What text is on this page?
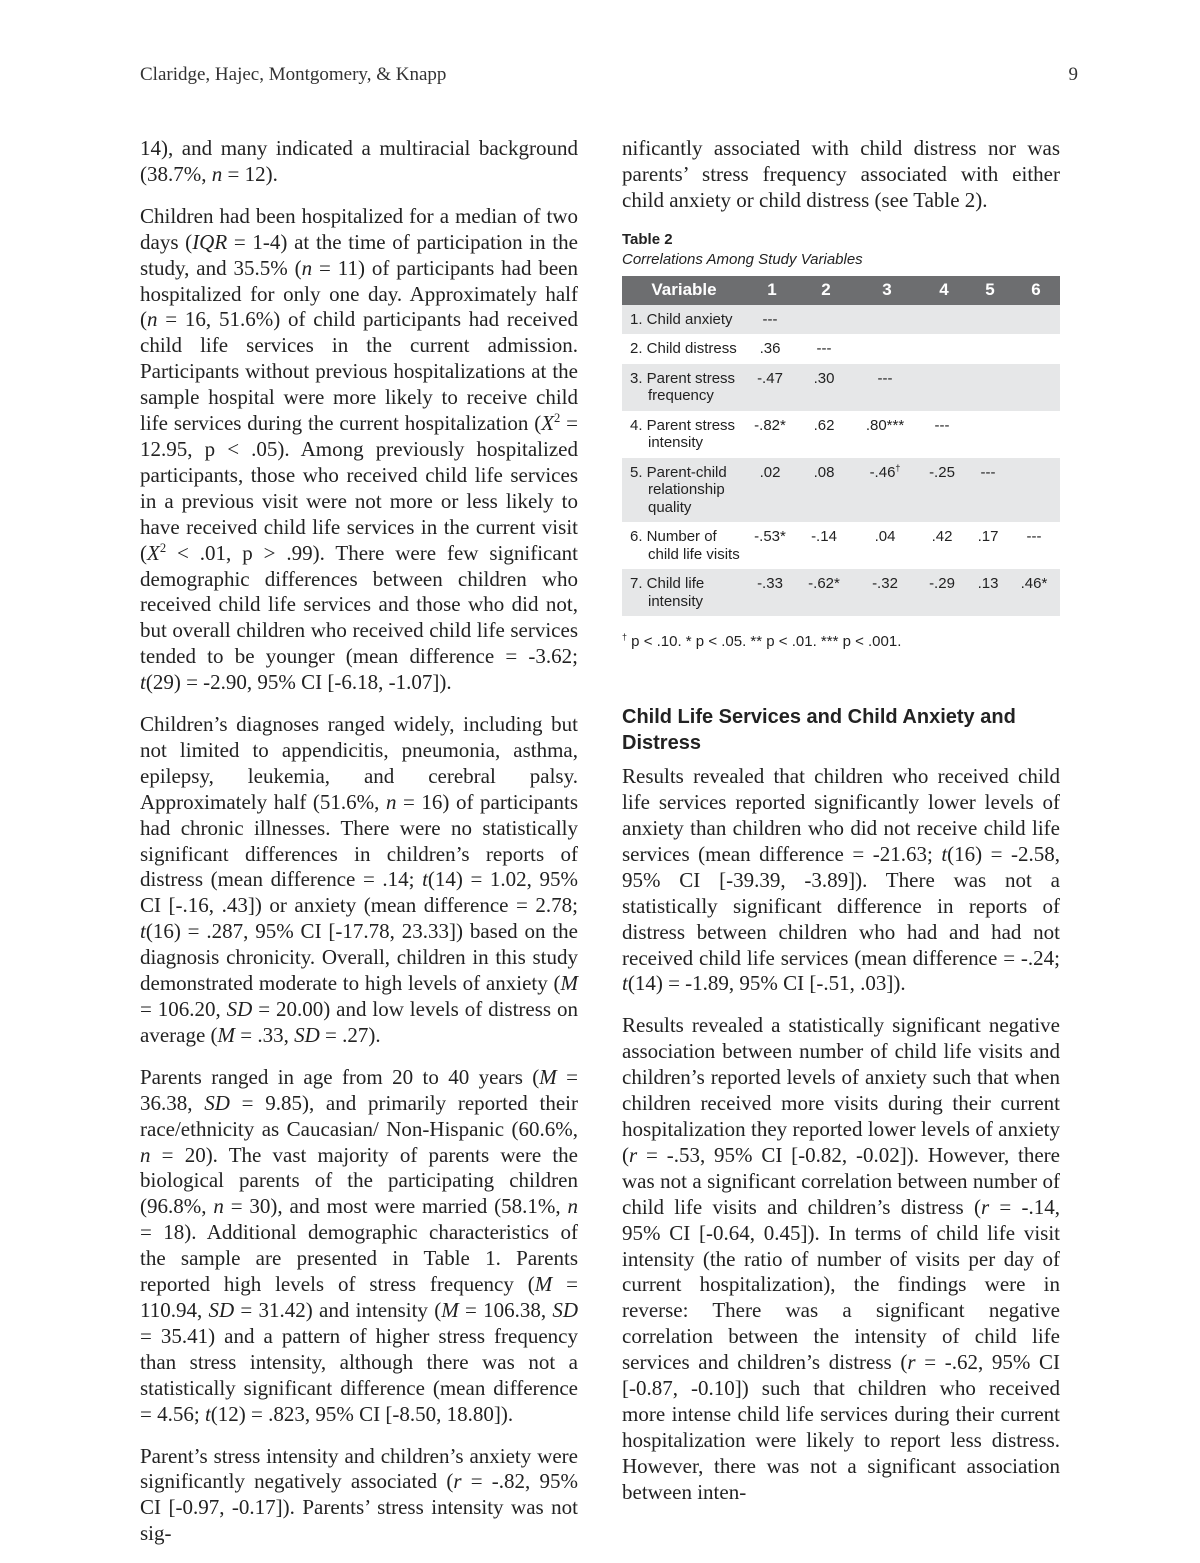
Claridge, Hajec, Montgomery, & Knapp	9

14), and many indicated a multiracial background (38.7%, n = 12).

Children had been hospitalized for a median of two days (IQR = 1-4) at the time of participation in the study, and 35.5% (n = 11) of participants had been hospitalized for only one day. Approximately half (n = 16, 51.6%) of child participants had received child life services in the current admission. Participants without previous hospitalizations at the sample hospital were more likely to receive child life services during the current hospitalization ($X^2 = 12.95$, p < .05). Among previously hospitalized participants, those who received child life services in a previous visit were not more or less likely to have received child life services in the current visit ($X^2 < .01$, p > .99). There were few significant demographic differences between children who received child life services and those who did not, but overall children who received child life services tended to be younger (mean difference = -3.62; t(29) = -2.90, 95% CI [-6.18, -1.07]).

Children’s diagnoses ranged widely, including but not limited to appendicitis, pneumonia, asthma, epilepsy, leukemia, and cerebral palsy. Approximately half (51.6%, n = 16) of participants had chronic illnesses. There were no statistically significant differences in children’s reports of distress (mean difference = .14; t(14) = 1.02, 95% CI [-.16, .43]) or anxiety (mean difference = 2.78; t(16) = .287, 95% CI [-17.78, 23.33]) based on the diagnosis chronicity. Overall, children in this study demonstrated moderate to high levels of anxiety (M = 106.20, SD = 20.00) and low levels of distress on average (M = .33, SD = .27).

Parents ranged in age from 20 to 40 years (M = 36.38, SD = 9.85), and primarily reported their race/ethnicity as Caucasian/ Non-Hispanic (60.6%, n = 20). The vast majority of parents were the biological parents of the participating children (96.8%, n = 30), and most were married (58.1%, n = 18). Additional demographic characteristics of the sample are presented in Table 1. Parents reported high levels of stress frequency (M = 110.94, SD = 31.42) and intensity (M = 106.38, SD = 35.41) and a pattern of higher stress frequency than stress intensity, although there was not a statistically significant difference (mean difference = 4.56; t(12) = .823, 95% CI [-8.50, 18.80]).

Parent’s stress intensity and children’s anxiety were significantly negatively associated (r = -.82, 95% CI [-0.97, -0.17]). Parents’ stress intensity was not sig-

nificantly associated with child distress nor was parents’ stress frequency associated with either child anxiety or child distress (see Table 2).

Table 2

Correlations Among Study Variables

Variable	1	2	3	4	5	6

1. Child anxiety	---					

2. Child distress	.36	---				

3. Parent stress frequency	-.47	.30	---			

4. Parent stress intensity	-.82*	.62	.80***	---		

5. Parent-child relationship quality	.02	.08	-.46†	-.25	---	

6. Number of child life visits	-.53*	-.14	.04	.42	.17	---

7. Child life intensity	-.33	-.62*	-.32	-.29	.13	.46*

† p < .10. * p < .05. ** p < .01. *** p < .001.

Child Life Services and Child Anxiety and Distress

Results revealed that children who received child life services reported significantly lower levels of anxiety than children who did not receive child life services (mean difference = -21.63; t(16) = -2.58, 95% CI [-39.39, -3.89]). There was not a statistically significant difference in reports of distress between children who had and had not received child life services (mean difference = -.24; t(14) = -1.89, 95% CI [-.51, .03]).

Results revealed a statistically significant negative association between number of child life visits and children’s reported levels of anxiety such that when children received more visits during their current hospitalization they reported lower levels of anxiety (r = -.53, 95% CI [-0.82, -0.02]). However, there was not a significant correlation between number of child life visits and children’s distress (r = -.14, 95% CI [-0.64, 0.45]). In terms of child life visit intensity (the ratio of number of visits per day of current hospitalization), the findings were in reverse: There was a significant negative correlation between the intensity of child life services and children’s distress (r = -.62, 95% CI [-0.87, -0.10]) such that children who received more intense child life services during their current hospitalization were likely to report less distress. However, there was not a significant association between inten-
